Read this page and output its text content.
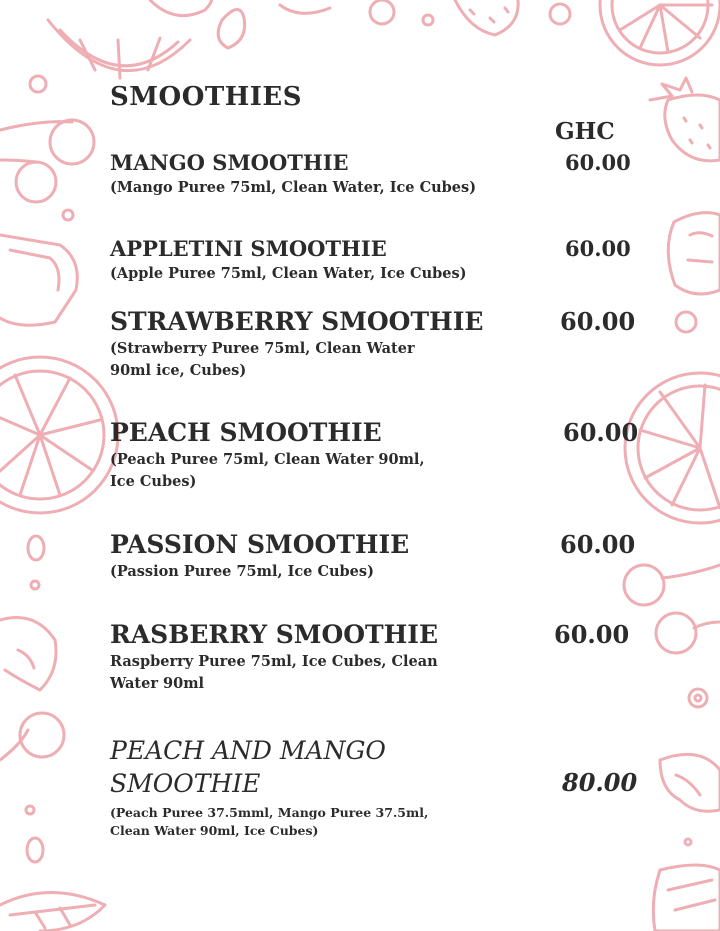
SMOOTHIES
GHC
MANGO SMOOTHIE
(Mango Puree 75ml, Clean Water, Ice Cubes)
60.00
APPLETINI SMOOTHIE
(Apple Puree 75ml, Clean Water, Ice Cubes)
60.00
STRAWBERRY SMOOTHIE
(Strawberry Puree 75ml, Clean Water 90ml ice, Cubes)
60.00
PEACH SMOOTHIE
(Peach Puree 75ml, Clean Water 90ml, Ice Cubes)
60.00
PASSION SMOOTHIE
(Passion Puree 75ml, Ice Cubes)
60.00
RASBERRY SMOOTHIE
Raspberry Puree 75ml, Ice Cubes, Clean Water 90ml
60.00
PEACH AND MANGO SMOOTHIE
(Peach Puree 37.5mml, Mango Puree 37.5ml, Clean Water 90ml, Ice Cubes)
80.00
